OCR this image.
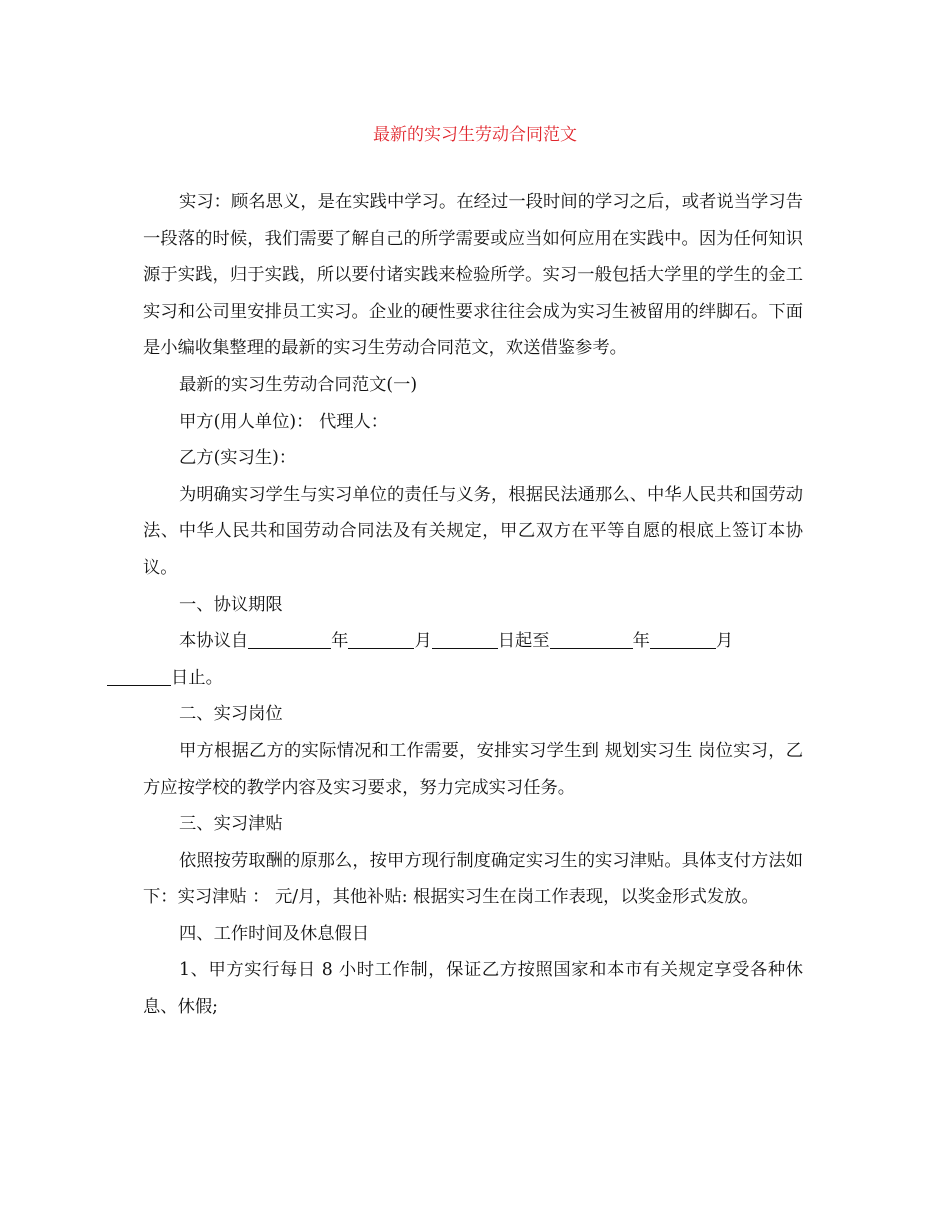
最新的实习生劳动合同范文

实习：顾名思义，是在实践中学习。在经过一段时间的学习之后，或者说当学习告一段落的时候，我们需要了解自己的所学需要或应当如何应用在实践中。因为任何知识源于实践，归于实践，所以要付诸实践来检验所学。实习一般包括大学里的学生的金工实习和公司里安排员工实习。企业的硬性要求往往会成为实习生被留用的绊脚石。下面是小编收集整理的最新的实习生劳动合同范文，欢送借鉴参考。

最新的实习生劳动合同范文(一)

甲方(用人单位)： 代理人：

乙方(实习生)：

为明确实习学生与实习单位的责任与义务，根据民法通那么、中华人民共和国劳动法、中华人民共和国劳动合同法及有关规定，甲乙双方在平等自愿的根底上签订本协议。

一、协议期限

本协议自	年	月	日起至	年	月
日止。

二、实习岗位

甲方根据乙方的实际情况和工作需要，安排实习学生到 规划实习生 岗位实习，乙方应按学校的教学内容及实习要求，努力完成实习任务。

三、实习津贴

依照按劳取酬的原那么，按甲方现行制度确定实习生的实习津贴。具体支付方法如下：实习津贴 ： 元/月，其他补贴: 根据实习生在岗工作表现，以奖金形式发放。

四、工作时间及休息假日

1、甲方实行每日 8 小时工作制，保证乙方按照国家和本市有关规定享受各种休息、休假;
